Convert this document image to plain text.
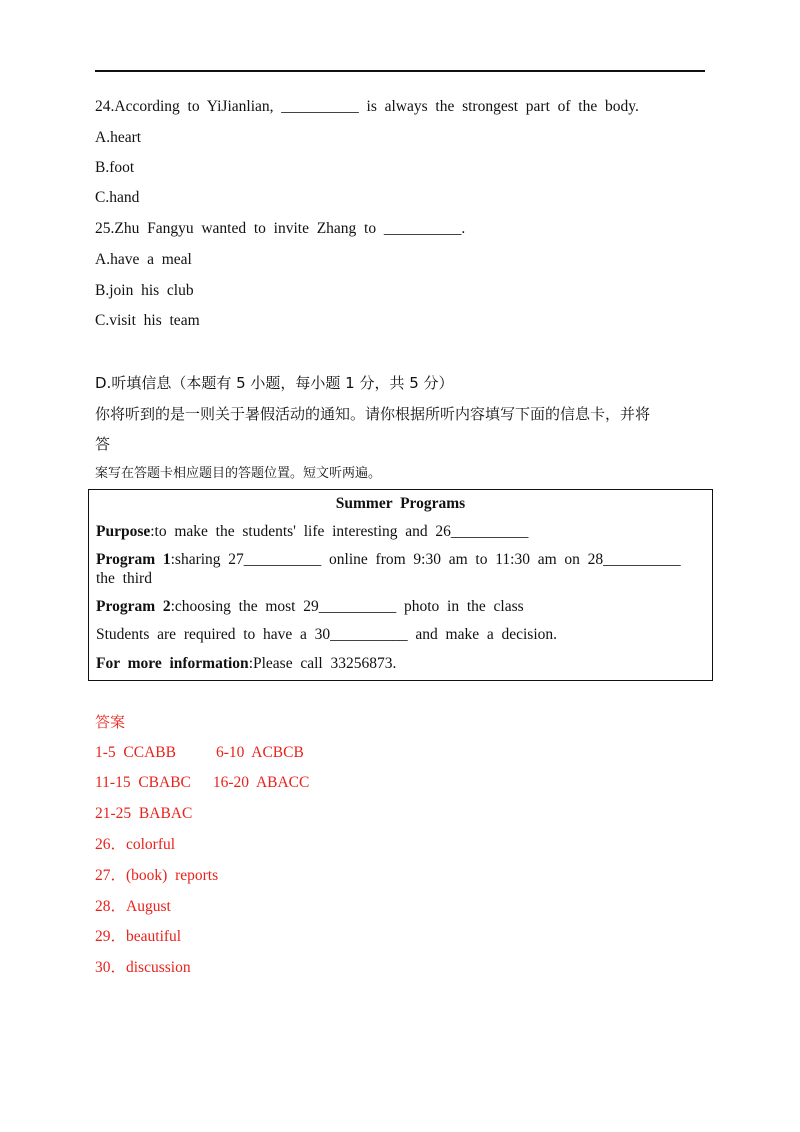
24.According  to  YiJianlian,  __________  is  always  the  strongest  part  of  the  body.
A.heart
B.foot
C.hand
25.Zhu  Fangyu  wanted  to  invite  Zhang  to  __________.
A.have  a  meal
B.join  his  club
C.visit  his  team
D.听填信息（本题有 5 小题，每小题 1 分，共 5 分）
你将听到的是一则关于暑假活动的通知。请你根据所听内容填写下面的信息卡，并将
答
案写在答题卡相应题目的答题位置。短文听两遍。
Summer  Programs
Purpose:to  make  the  students'  life  interesting  and  26__________
Program  1:sharing  27__________  online  from  9:30  am  to  11:30  am  on  28__________  the  third
Program  2:choosing  the  most  29__________  photo  in  the  class
Students  are  required  to  have  a  30__________  and  make  a  decision.
For  more  information:Please  call  33256873.
答案
1-5  CCABB	6-10  ACBCB
11-15  CBABC 16-20  ABACC
21-25  BABAC
26．colorful
27．(book)  reports
28．August
29．beautiful
30．discussion
